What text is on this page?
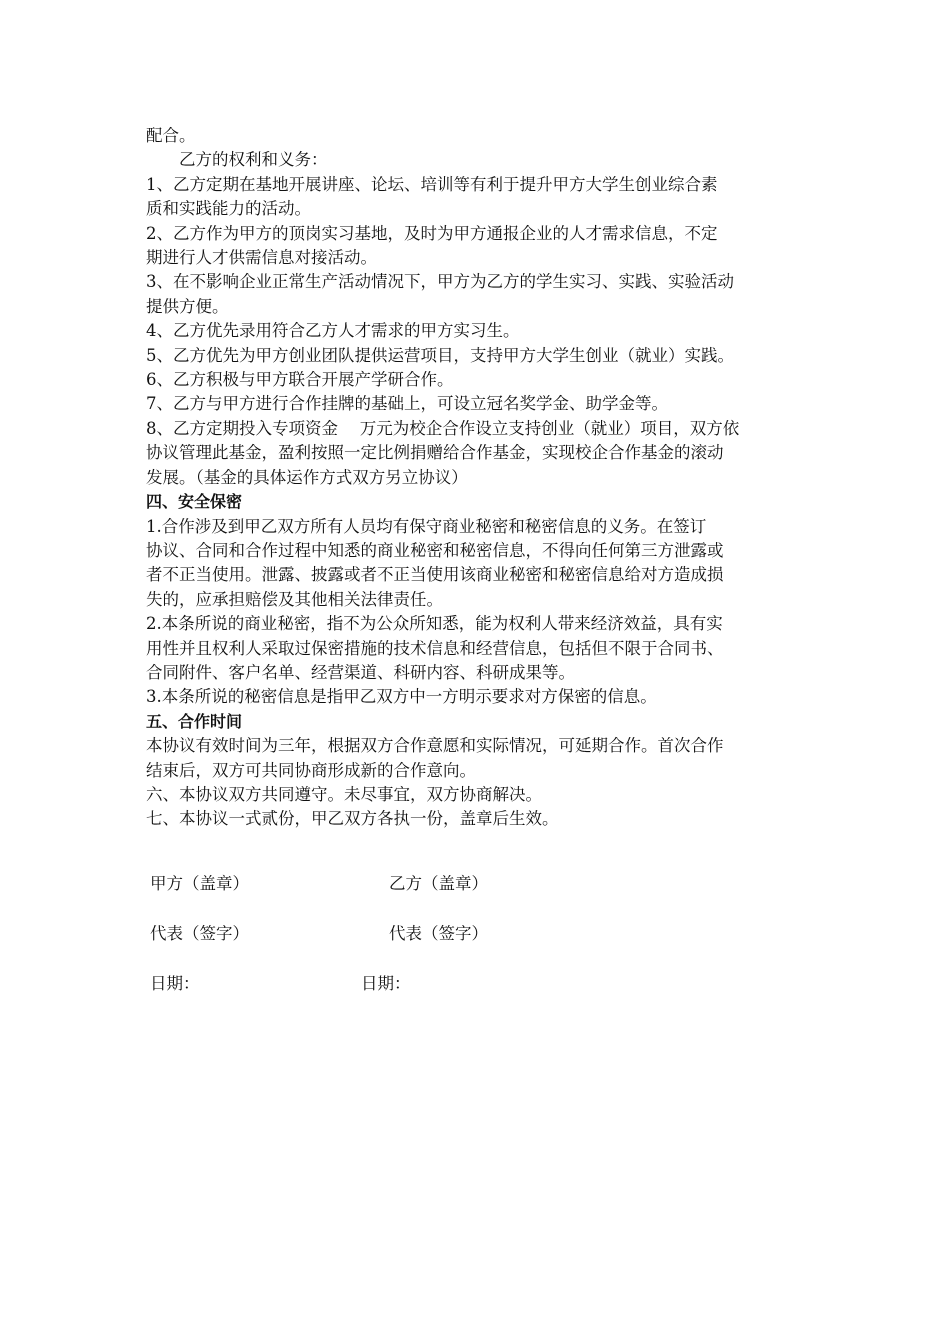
配合。
　　乙方的权利和义务：
1、乙方定期在基地开展讲座、论坛、培训等有利于提升甲方大学生创业综合素
质和实践能力的活动。
2、乙方作为甲方的顶岗实习基地，及时为甲方通报企业的人才需求信息，不定
期进行人才供需信息对接活动。
3、在不影响企业正常生产活动情况下，甲方为乙方的学生实习、实践、实验活动
提供方便。
4、乙方优先录用符合乙方人才需求的甲方实习生。
5、乙方优先为甲方创业团队提供运营项目，支持甲方大学生创业（就业）实践。
6、乙方积极与甲方联合开展产学研合作。
7、乙方与甲方进行合作挂牌的基础上，可设立冠名奖学金、助学金等。
8、乙方定期投入专项资金　 万元为校企合作设立支持创业（就业）项目，双方依
协议管理此基金，盈利按照一定比例捐赠给合作基金，实现校企合作基金的滚动
发展。（基金的具体运作方式双方另立协议）
四、安全保密
1.合作涉及到甲乙双方所有人员均有保守商业秘密和秘密信息的义务。在签订
协议、合同和合作过程中知悉的商业秘密和秘密信息，不得向任何第三方泄露或
者不正当使用。泄露、披露或者不正当使用该商业秘密和秘密信息给对方造成损
失的，应承担赔偿及其他相关法律责任。
2.本条所说的商业秘密，指不为公众所知悉，能为权利人带来经济效益，具有实
用性并且权利人采取过保密措施的技术信息和经营信息，包括但不限于合同书、
合同附件、客户名单、经营渠道、科研内容、科研成果等。
3.本条所说的秘密信息是指甲乙双方中一方明示要求对方保密的信息。
五、合作时间
本协议有效时间为三年，根据双方合作意愿和实际情况，可延期合作。首次合作
结束后，双方可共同协商形成新的合作意向。
六、本协议双方共同遵守。未尽事宜，双方协商解决。
七、本协议一式贰份，甲乙双方各执一份，盖章后生效。
甲方（盖章）	乙方（盖章）
代表（签字）	代表（签字）
日期：	日期：
